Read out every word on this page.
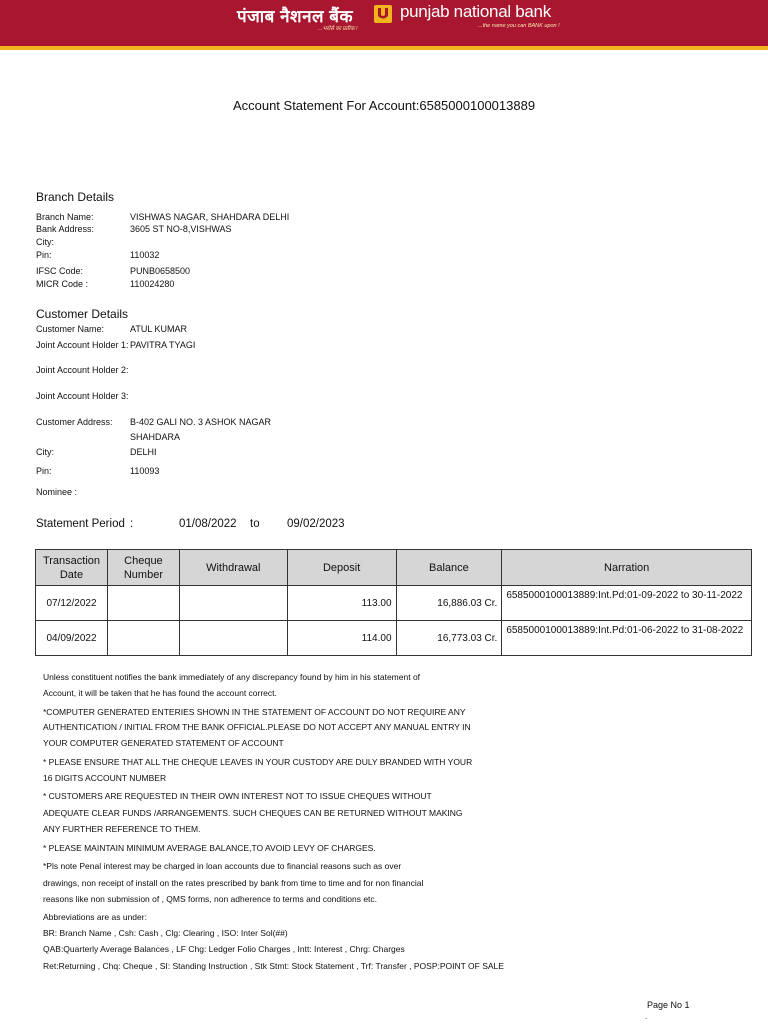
पंजाब नैशनल बैंक
...भरोसे का प्रतीक !
punjab national bank
...the name you can BANK upon !
Account Statement For Account:6585000100013889
Branch Details
Branch Name:	VISHWAS NAGAR, SHAHDARA DELHI
Bank Address:	3605 ST NO-8,VISHWAS
City:
Pin:	110032
IFSC Code:	PUNB0658500
MICR Code :	110024280
Customer Details
Customer Name:	ATUL KUMAR
Joint Account Holder 1: PAVITRA TYAGI
Joint Account Holder 2:
Joint Account Holder 3:
Customer Address: B-402 GALI NO. 3 ASHOK NAGAR
SHAHDARA
City:	DELHI
Pin:	110093
Nominee :
Statement Period :	01/08/2022 to 09/02/2023
Transaction Date	Cheque Number	Withdrawal	Deposit	Balance	Narration
07/12/2022			113.00	16,886.03 Cr.	6585000100013889:Int.Pd:01-09-2022 to 30-11-2022
04/09/2022			114.00	16,773.03 Cr.	6585000100013889:Int.Pd:01-06-2022 to 31-08-2022
Unless constituent notifies the bank immediately of any discrepancy found by him in his statement of
Account, it will be taken that he has found the account correct.
*COMPUTER GENERATED ENTERIES SHOWN IN THE STATEMENT OF ACCOUNT DO NOT REQUIRE ANY
AUTHENTICATION / INITIAL FROM THE BANK OFFICIAL.PLEASE DO NOT ACCEPT ANY MANUAL ENTRY IN
YOUR COMPUTER GENERATED STATEMENT OF ACCOUNT
* PLEASE ENSURE THAT ALL THE CHEQUE LEAVES IN YOUR CUSTODY ARE DULY BRANDED WITH YOUR
16 DIGITS ACCOUNT NUMBER
* CUSTOMERS ARE REQUESTED IN THEIR OWN INTEREST NOT TO ISSUE CHEQUES WITHOUT
ADEQUATE CLEAR FUNDS /ARRANGEMENTS. SUCH CHEQUES CAN BE RETURNED WITHOUT MAKING
ANY FURTHER REFERENCE TO THEM.
* PLEASE MAINTAIN MINIMUM AVERAGE BALANCE,TO AVOID LEVY OF CHARGES.
*Pls note Penal interest may be charged in loan accounts due to financial reasons such as over
drawings, non receipt of install on the rates prescribed by bank from time to time and for non financial
reasons like non submission of , QMS forms, non adherence to terms and conditions etc.
Abbreviations are as under:
BR: Branch Name , Csh: Cash , Clg: Clearing , ISO: Inter Sol(##)
QAB:Quarterly Average Balances , LF Chg: Ledger Folio Charges , Intt: Interest , Chrg: Charges
Ret:Returning , Chq: Cheque , SI: Standing Instruction , Stk Stmt: Stock Statement , Trf: Transfer , POSP:POINT OF SALE
Page No 1
.
